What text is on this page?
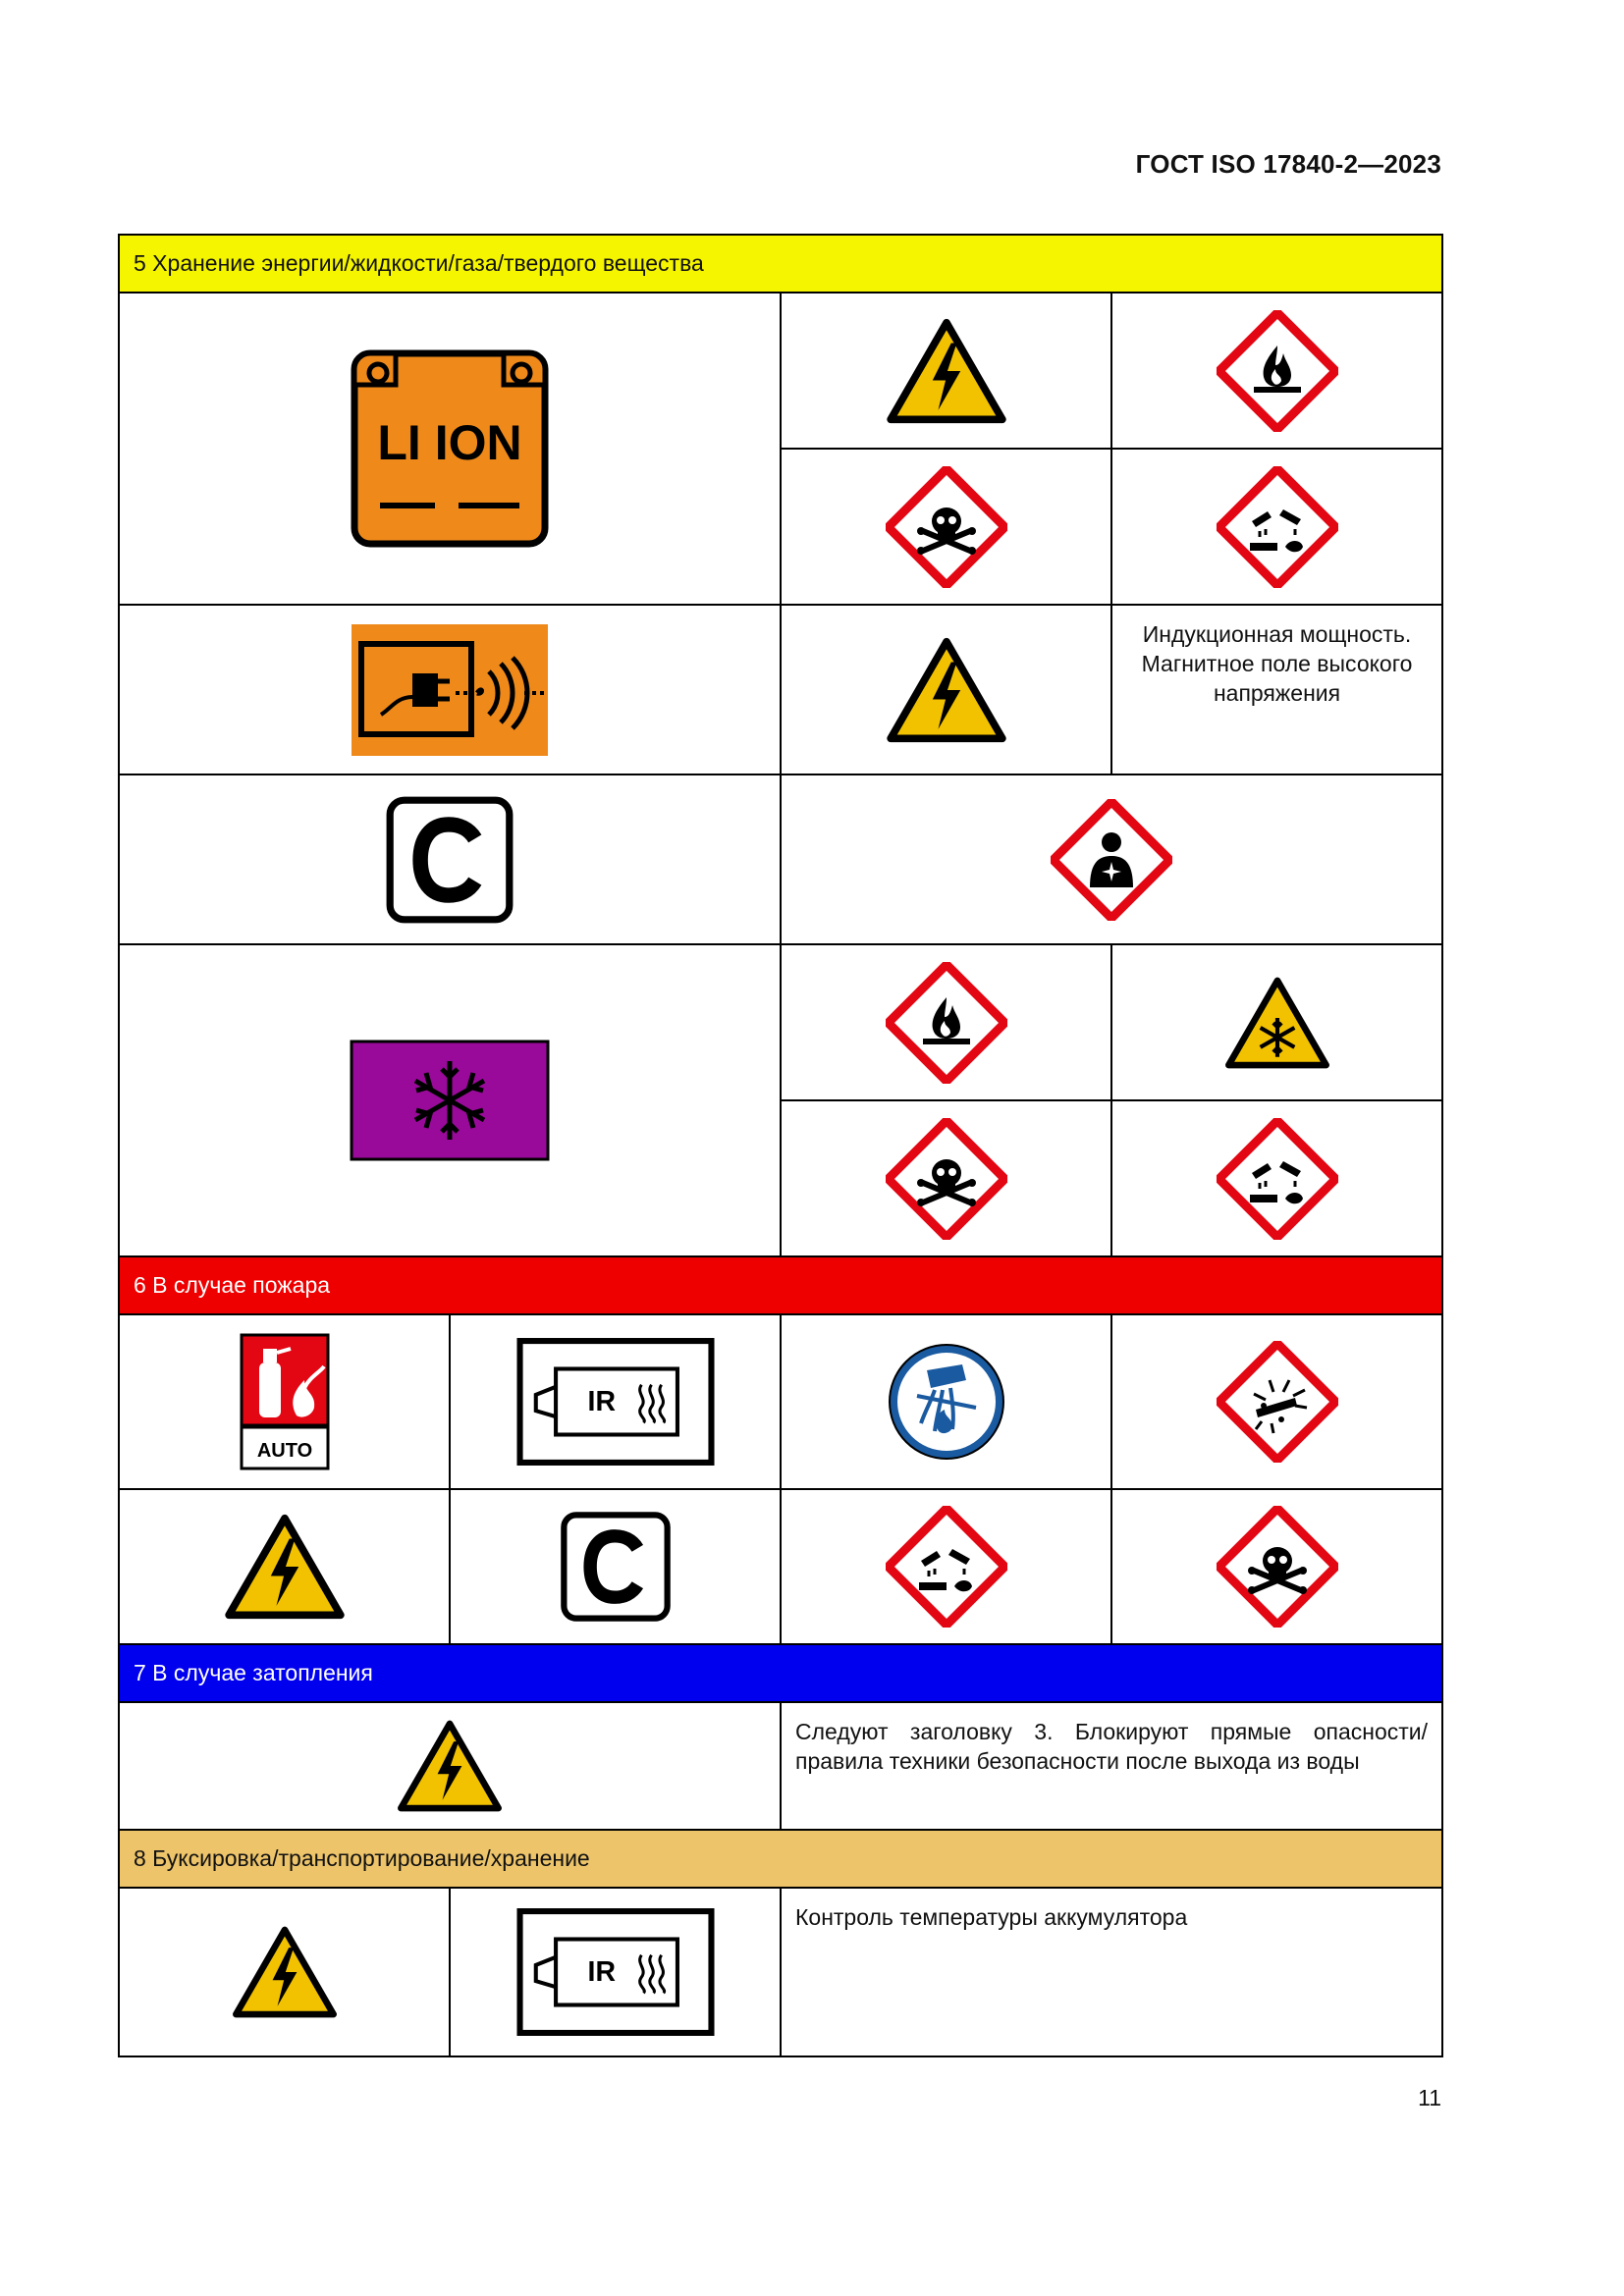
ГОСТ ISO 17840-2—2023
5 Хранение энергии/жидкости/газа/твердого вещества			

LI ION

		Индукционная мощность. Магнитное поле высокого напряжения

6 В случае пожара			

AUTO	IR

7 В случае затопления			
	Следуют заголовку 3. Блокируют прямые опасности/ правила техники безопасности после выхода из воды	
8 Буксировка/транспортирование/хранение			

IR	Контроль температуры аккумулятора	
11
